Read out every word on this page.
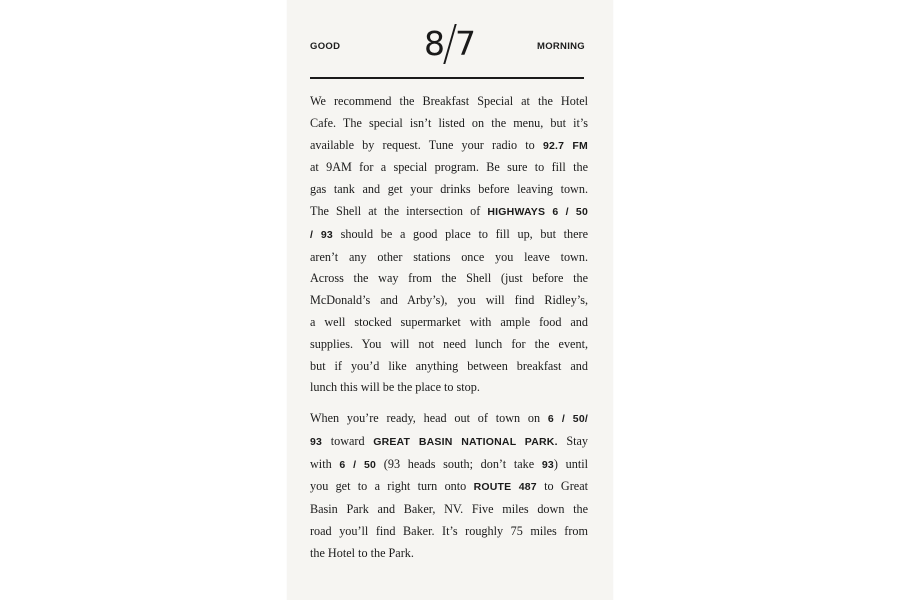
GOOD	8 7	MORNING
We recommend the Breakfast Special at the Hotel
Cafe. The special isn’t listed on the menu, but it’s
available by request. Tune your radio to 92.7 FM
at 9AM for a special program. Be sure to fill the
gas tank and get your drinks before leaving town.
The Shell at the intersection of HIGHWAYS 6 / 50
/ 93 should be a good place to fill up, but there
aren’t any other stations once you leave town.
Across the way from the Shell (just before the
McDonald’s and Arby’s), you will find Ridley’s,
a well stocked supermarket with ample food and
supplies. You will not need lunch for the event,
but if you’d like anything between breakfast and
lunch this will be the place to stop.
When you’re ready, head out of town on 6 / 50/
93 toward GREAT BASIN NATIONAL PARK. Stay
with 6 / 50 (93 heads south; don’t take 93) until
you get to a right turn onto ROUTE 487 to Great
Basin Park and Baker, NV. Five miles down the
road you’ll find Baker. It’s roughly 75 miles from
the Hotel to the Park.
